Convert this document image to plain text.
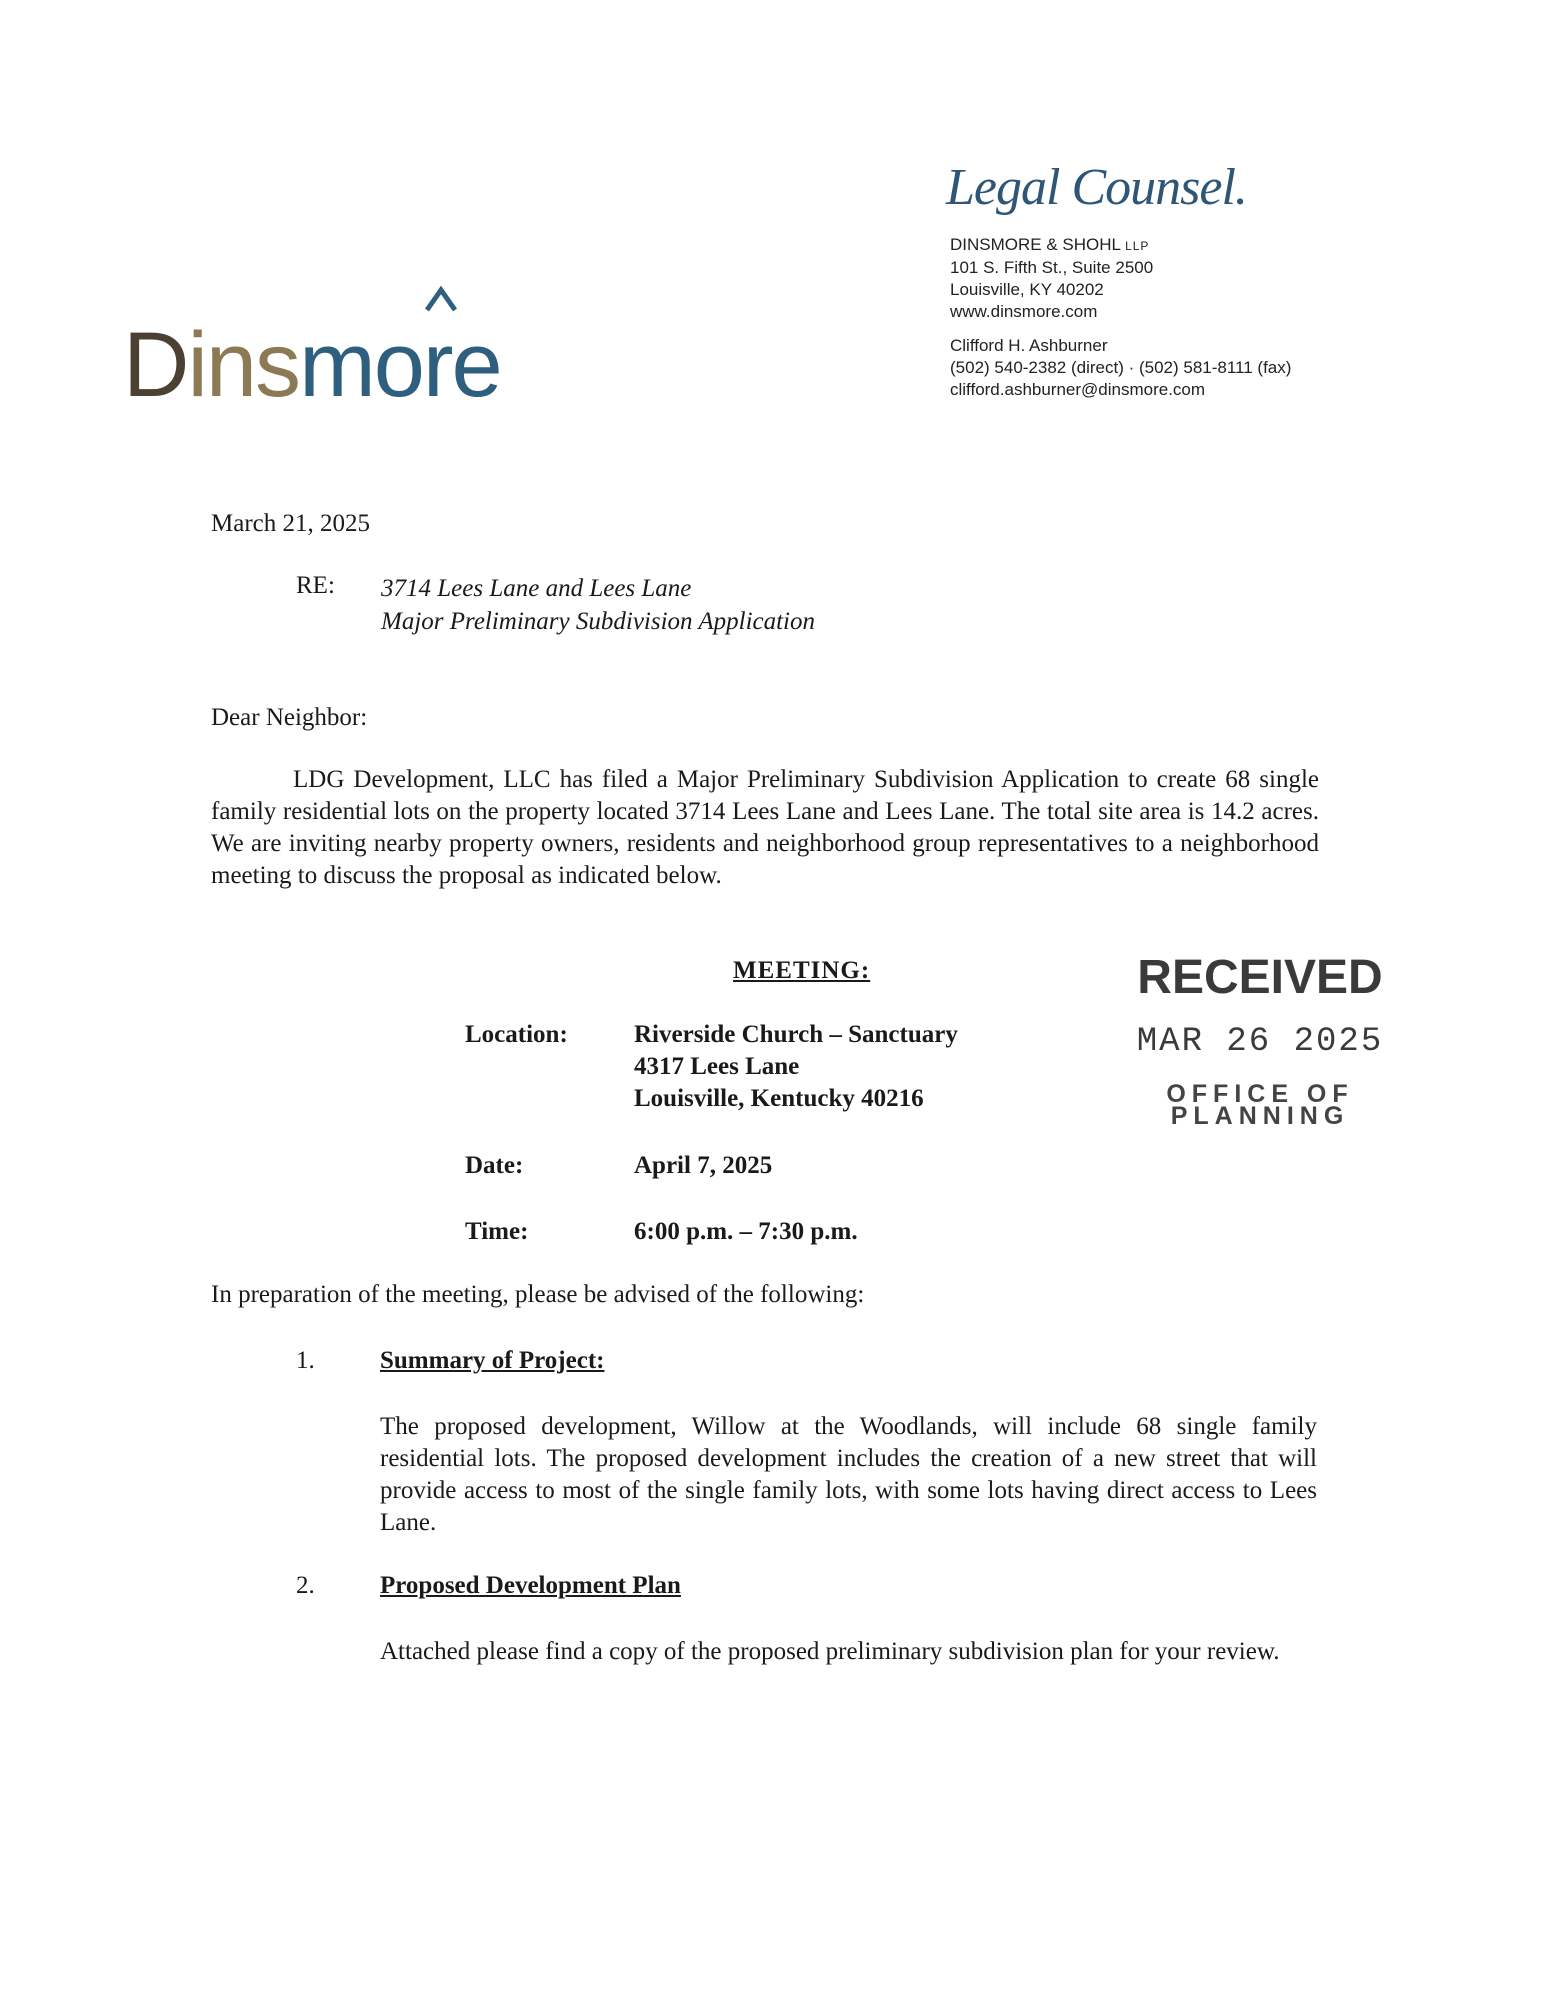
Dinsmore
Legal Counsel.
DINSMORE & SHOHL LLP
101 S. Fifth St., Suite 2500
Louisville, KY 40202
www.dinsmore.com
Clifford H. Ashburner
(502) 540-2382 (direct) · (502) 581-8111 (fax)
clifford.ashburner@dinsmore.com
March 21, 2025
RE: 3714 Lees Lane and Lees Lane
Major Preliminary Subdivision Application
Dear Neighbor:
LDG Development, LLC has filed a Major Preliminary Subdivision Application to create 68 single family residential lots on the property located 3714 Lees Lane and Lees Lane. The total site area is 14.2 acres. We are inviting nearby property owners, residents and neighborhood group representatives to a neighborhood meeting to discuss the proposal as indicated below.
MEETING:
Location:	Riverside Church – Sanctuary
4317 Lees Lane
Louisville, Kentucky 40216
Date:	April 7, 2025
Time:	6:00 p.m. – 7:30 p.m.
RECEIVED
MAR 26 2025
OFFICE OF
PLANNING
In preparation of the meeting, please be advised of the following:
1.	Summary of Project:
The proposed development, Willow at the Woodlands, will include 68 single family residential lots. The proposed development includes the creation of a new street that will provide access to most of the single family lots, with some lots having direct access to Lees Lane.
2.	Proposed Development Plan
Attached please find a copy of the proposed preliminary subdivision plan for your review.
